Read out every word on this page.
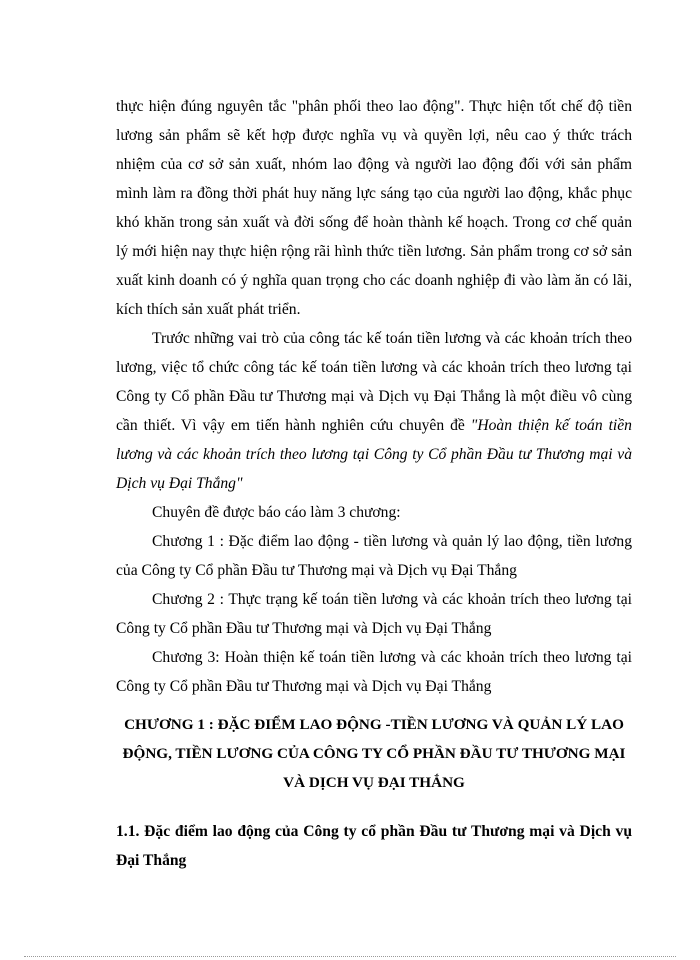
thực hiện đúng nguyên tắc "phân phối theo lao động". Thực hiện tốt chế độ tiền lương sản phẩm sẽ kết hợp được nghĩa vụ và quyền lợi, nêu cao ý thức trách nhiệm của cơ sở sản xuất, nhóm lao động và người lao động đối với sản phẩm mình làm ra đồng thời phát huy năng lực sáng tạo của người lao động, khắc phục khó khăn trong sản xuất và đời sống để hoàn thành kế hoạch. Trong cơ chế quản lý mới hiện nay thực hiện rộng rãi hình thức tiền lương. Sản phẩm trong cơ sở sản xuất kinh doanh có ý nghĩa quan trọng cho các doanh nghiệp đi vào làm ăn có lãi, kích thích sản xuất phát triển.

Trước những vai trò của công tác kế toán tiền lương và các khoản trích theo lương, việc tổ chức công tác kế toán tiền lương và các khoản trích theo lương tại Công ty Cổ phần Đầu tư Thương mại và Dịch vụ Đại Thắng là một điều vô cùng cần thiết. Vì vậy em tiến hành nghiên cứu chuyên đề "Hoàn thiện kế toán tiền lương và các khoản trích theo lương tại Công ty Cổ phần Đầu tư Thương mại và Dịch vụ Đại Thắng"

Chuyên đề được báo cáo làm 3 chương:

Chương 1 : Đặc điểm lao động - tiền lương và quản lý lao động, tiền lương của Công ty Cổ phần Đầu tư Thương mại và Dịch vụ Đại Thắng

Chương 2 : Thực trạng kế toán tiền lương và các khoản trích theo lương tại Công ty Cổ phần Đầu tư Thương mại và Dịch vụ Đại Thắng

Chương 3: Hoàn thiện kế toán tiền lương và các khoản trích theo lương tại Công ty Cổ phần Đầu tư Thương mại và Dịch vụ Đại Thắng

CHƯƠNG 1 : ĐẶC ĐIỂM LAO ĐỘNG -TIỀN LƯƠNG VÀ QUẢN LÝ LAO ĐỘNG, TIỀN LƯƠNG CỦA CÔNG TY CỔ PHẦN ĐẦU TƯ THƯƠNG MẠI VÀ DỊCH VỤ ĐẠI THẮNG
1.1. Đặc điểm lao động của Công ty cổ phần Đầu tư Thương mại và Dịch vụ Đại Thắng
